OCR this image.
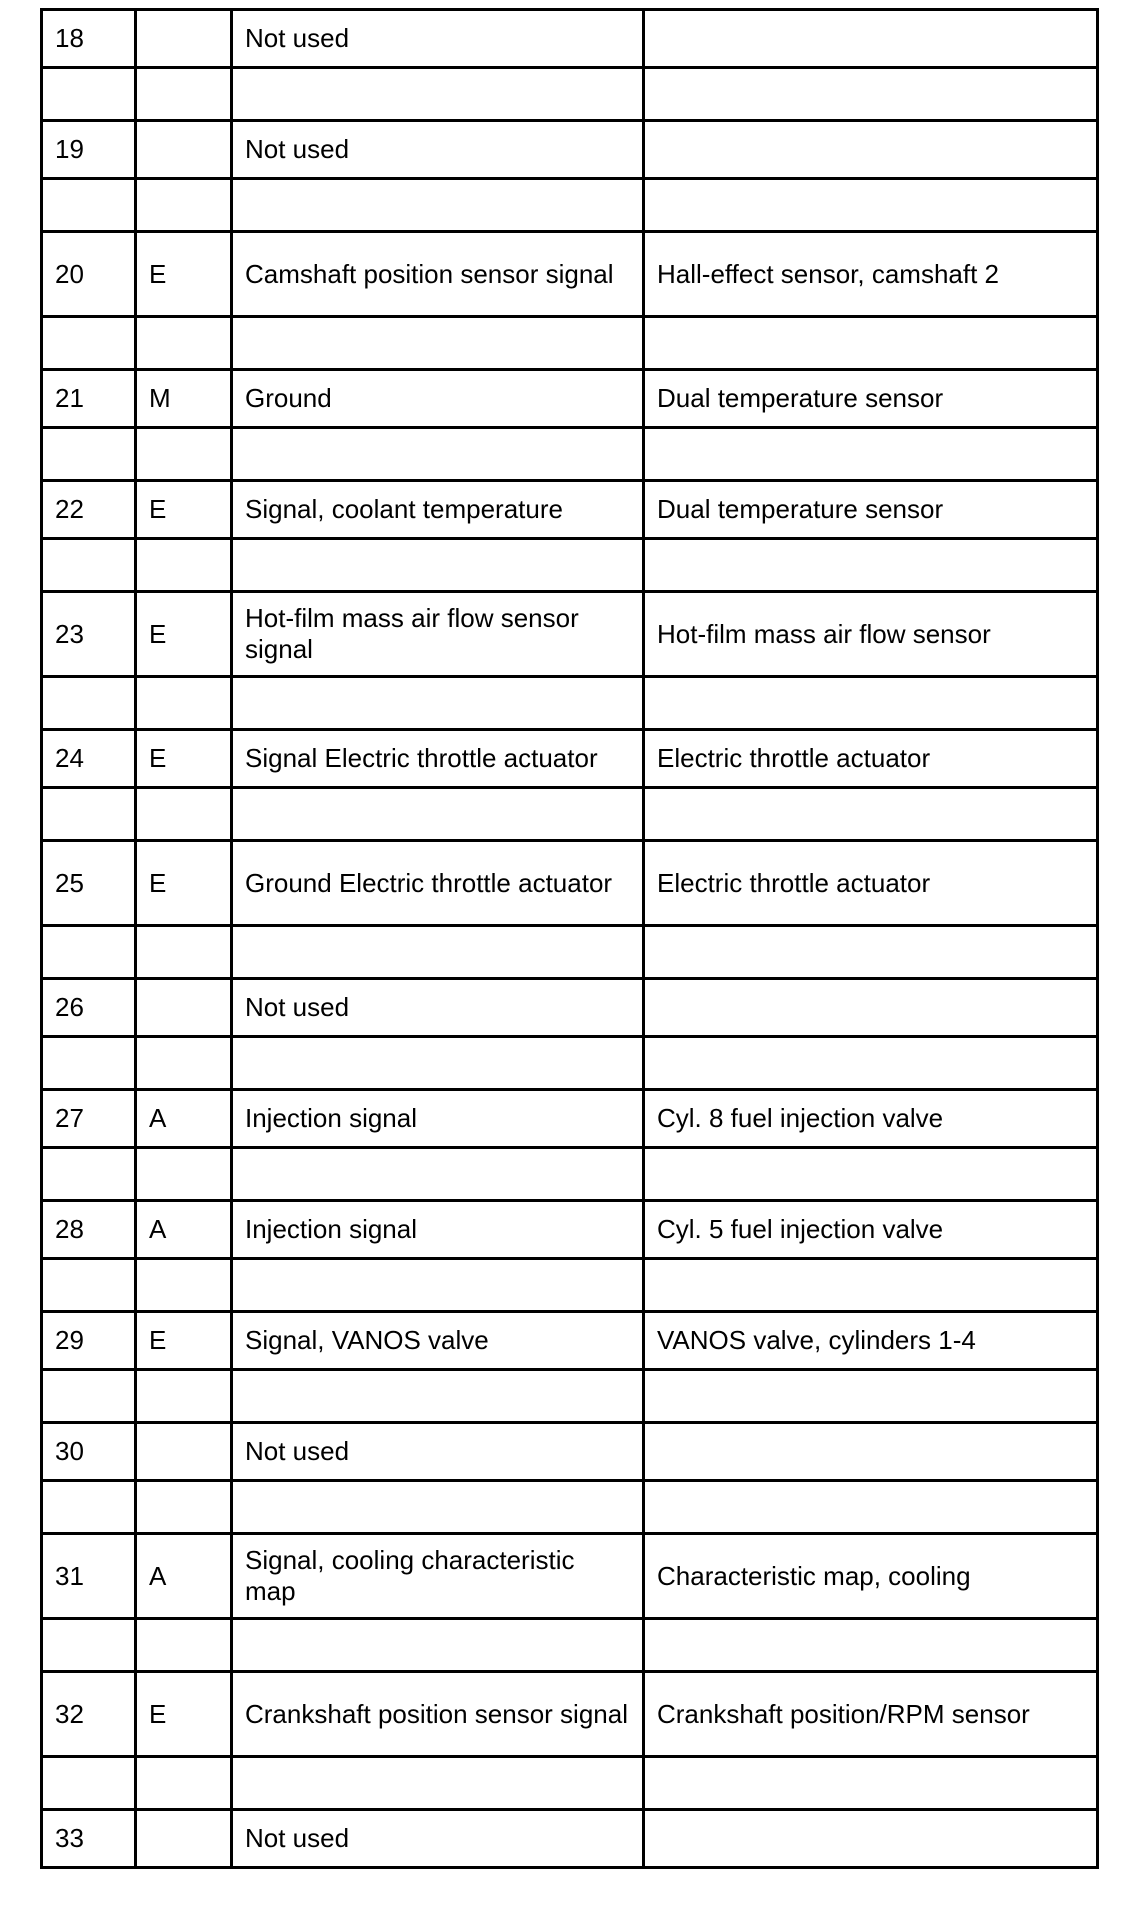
18		Not used	

19		Not used	

20	E	Camshaft position sensor signal	Hall-effect sensor, camshaft 2

21	M	Ground	Dual temperature sensor

22	E	Signal, coolant temperature	Dual temperature sensor

23	E	Hot-film mass air flow sensor signal	Hot-film mass air flow sensor

24	E	Signal Electric throttle actuator	Electric throttle actuator

25	E	Ground Electric throttle actuator	Electric throttle actuator

26		Not used	

27	A	Injection signal	Cyl. 8 fuel injection valve

28	A	Injection signal	Cyl. 5 fuel injection valve

29	E	Signal, VANOS valve	VANOS valve, cylinders 1-4

30		Not used	

31	A	Signal, cooling characteristic map	Characteristic map, cooling

32	E	Crankshaft position sensor signal	Crankshaft position/RPM sensor

33		Not used	
